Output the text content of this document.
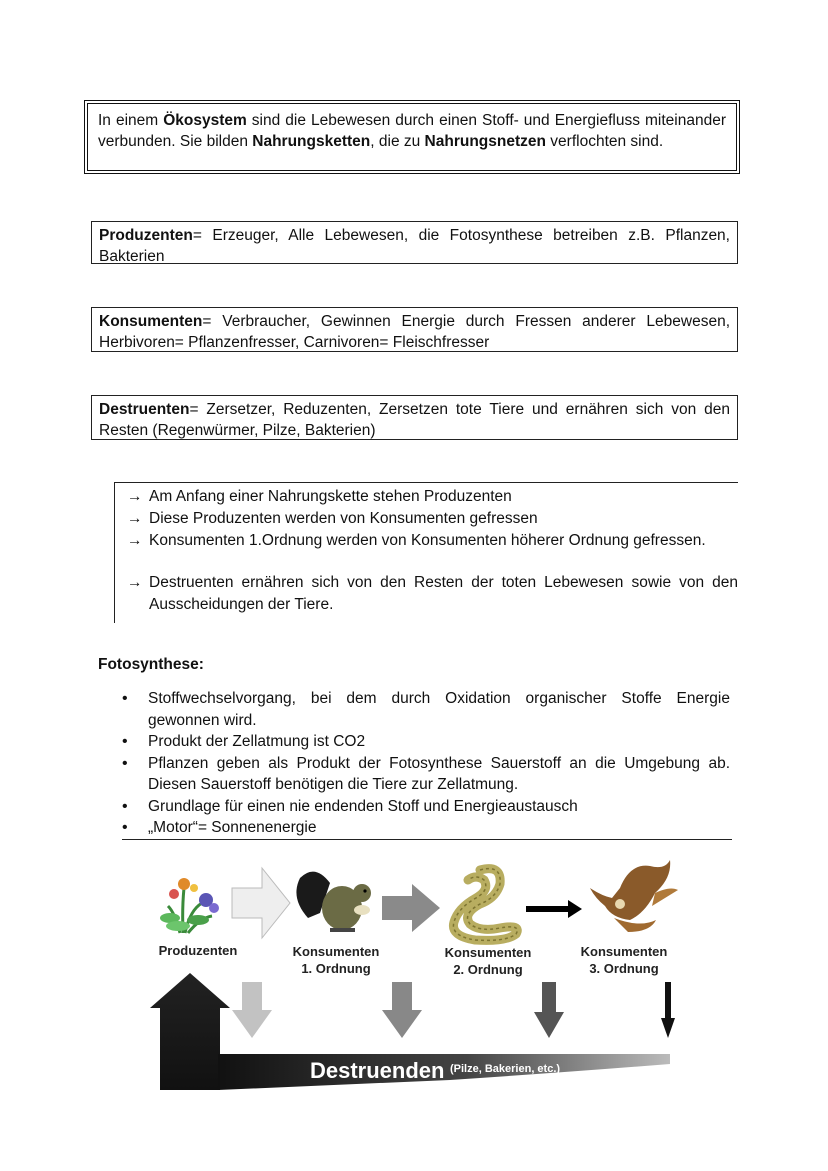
In einem Ökosystem sind die Lebewesen durch einen Stoff- und Energiefluss miteinander verbunden. Sie bilden Nahrungsketten, die zu Nahrungsnetzen verflochten sind.
Produzenten= Erzeuger, Alle Lebewesen, die Fotosynthese betreiben z.B. Pflanzen, Bakterien
Konsumenten= Verbraucher, Gewinnen Energie durch Fressen anderer Lebewesen, Herbivoren= Pflanzenfresser, Carnivoren= Fleischfresser
Destruenten= Zersetzer, Reduzenten, Zersetzen tote Tiere und ernähren sich von den Resten (Regenwürmer, Pilze, Bakterien)
→ Am Anfang einer Nahrungskette stehen Produzenten
→ Diese Produzenten werden von Konsumenten gefressen
→ Konsumenten 1.Ordnung werden von Konsumenten höherer Ordnung gefressen.
→ Destruenten ernähren sich von den Resten der toten Lebewesen sowie von den Ausscheidungen der Tiere.
Fotosynthese:
• Stoffwechselvorgang, bei dem durch Oxidation organischer Stoffe Energie gewonnen wird.
• Produkt der Zellatmung ist CO2
• Pflanzen geben als Produkt der Fotosynthese Sauerstoff an die Umgebung ab. Diesen Sauerstoff benötigen die Tiere zur Zellatmung.
• Grundlage für einen nie endenden Stoff und Energieaustausch
• „Motor“= Sonnenenergie
Produzenten	Konsumenten
1. Ordnung
Konsumenten
2. Ordnung
Konsumenten
3. Ordnung
Destruenden (Pilze, Bakerien, etc.)
